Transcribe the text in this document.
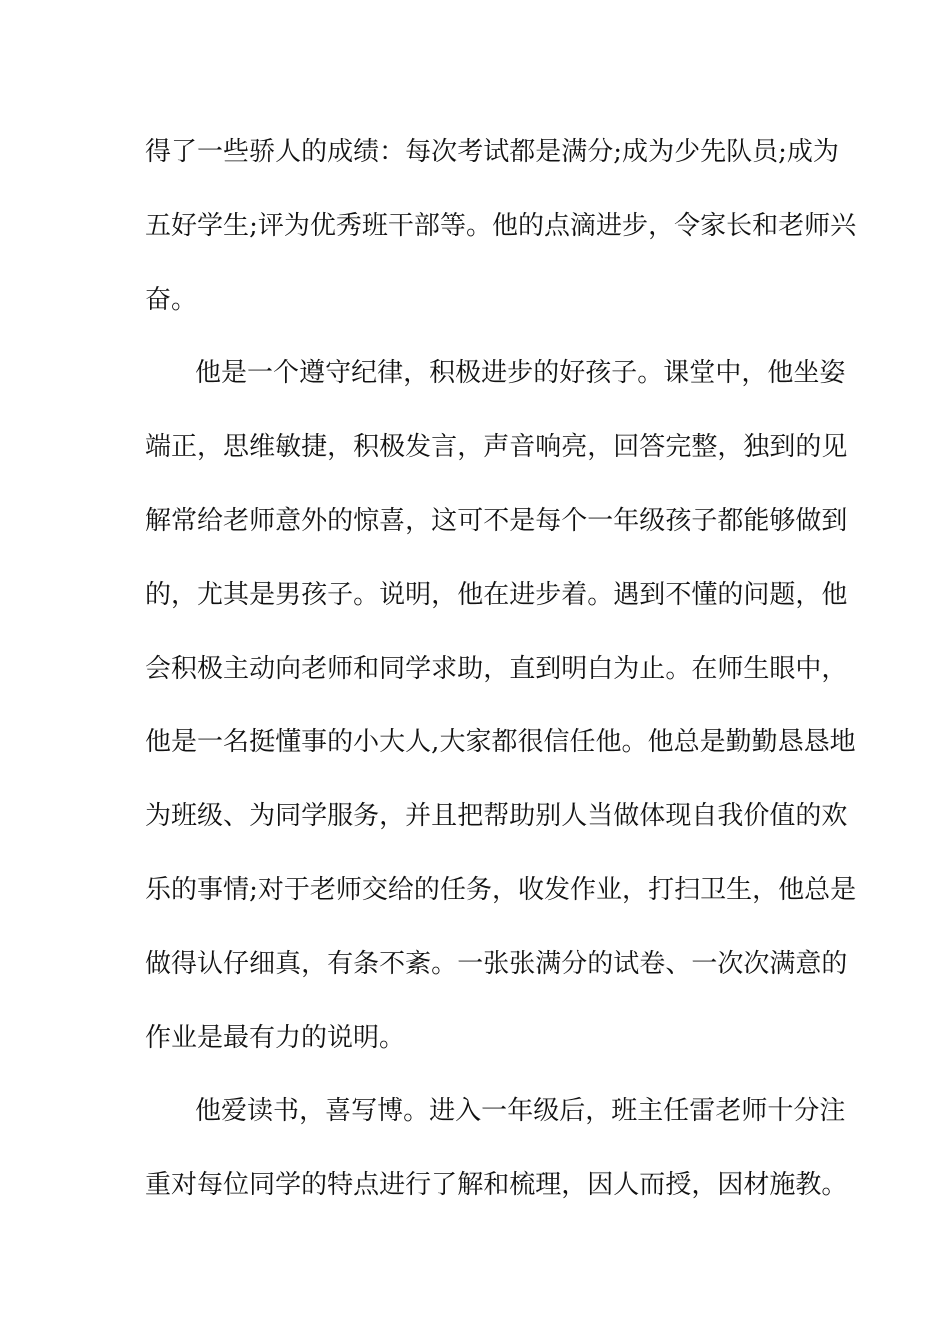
得 了 一 些 骄 人 的 成 绩 ： 每 次 考 试 都 是 满 分 ; 成 为 少 先 队 员 ; 成 为
五 好 学 生 ; 评 为 优 秀 班 干 部 等 。 他 的 点 滴 进 步 ， 令 家 长 和 老 师 兴
奋。
他 是 一 个 遵 守 纪 律 ， 积 极 进 步 的 好 孩 子 。 课 堂 中 ， 他 坐 姿
端 正 ， 思 维 敏 捷 ， 积 极 发 言 ， 声 音 响 亮 ， 回 答 完 整 ， 独 到 的 见
解 常 给 老 师 意 外 的 惊 喜 ， 这 可 不 是 每 个 一 年 级 孩 子 都 能 够 做 到
的 ， 尤 其 是 男 孩 子 。 说 明 ， 他 在 进 步 着 。 遇 到 不 懂 的 问 题 ， 他
会 积 极 主 动 向 老 师 和 同 学 求 助 ， 直 到 明 白 为 止 。 在 师 生 眼 中 ，
他 是 一 名 挺 懂 事 的 小 大 人 , 大 家 都 很 信 任 他 。 他 总 是 勤 勤 恳 恳 地
为 班 级 、 为 同 学 服 务 ， 并 且 把 帮 助 别 人 当 做 体 现 自 我 价 值 的 欢
乐 的 事 情 ; 对 于 老 师 交 给 的 任 务 ， 收 发 作 业 ， 打 扫 卫 生 ， 他 总 是
做 得 认 仔 细 真 ， 有 条 不 紊 。 一 张 张 满 分 的 试 卷 、 一 次 次 满 意 的
作业是最有力的说明。
他 爱 读 书 ， 喜 写 博 。 进 入 一 年 级 后 ， 班 主 任 雷 老 师 十 分 注
重 对 每 位 同 学 的 特 点 进 行 了 解 和 梳 理 ， 因 人 而 授 ， 因 材 施 教 。
